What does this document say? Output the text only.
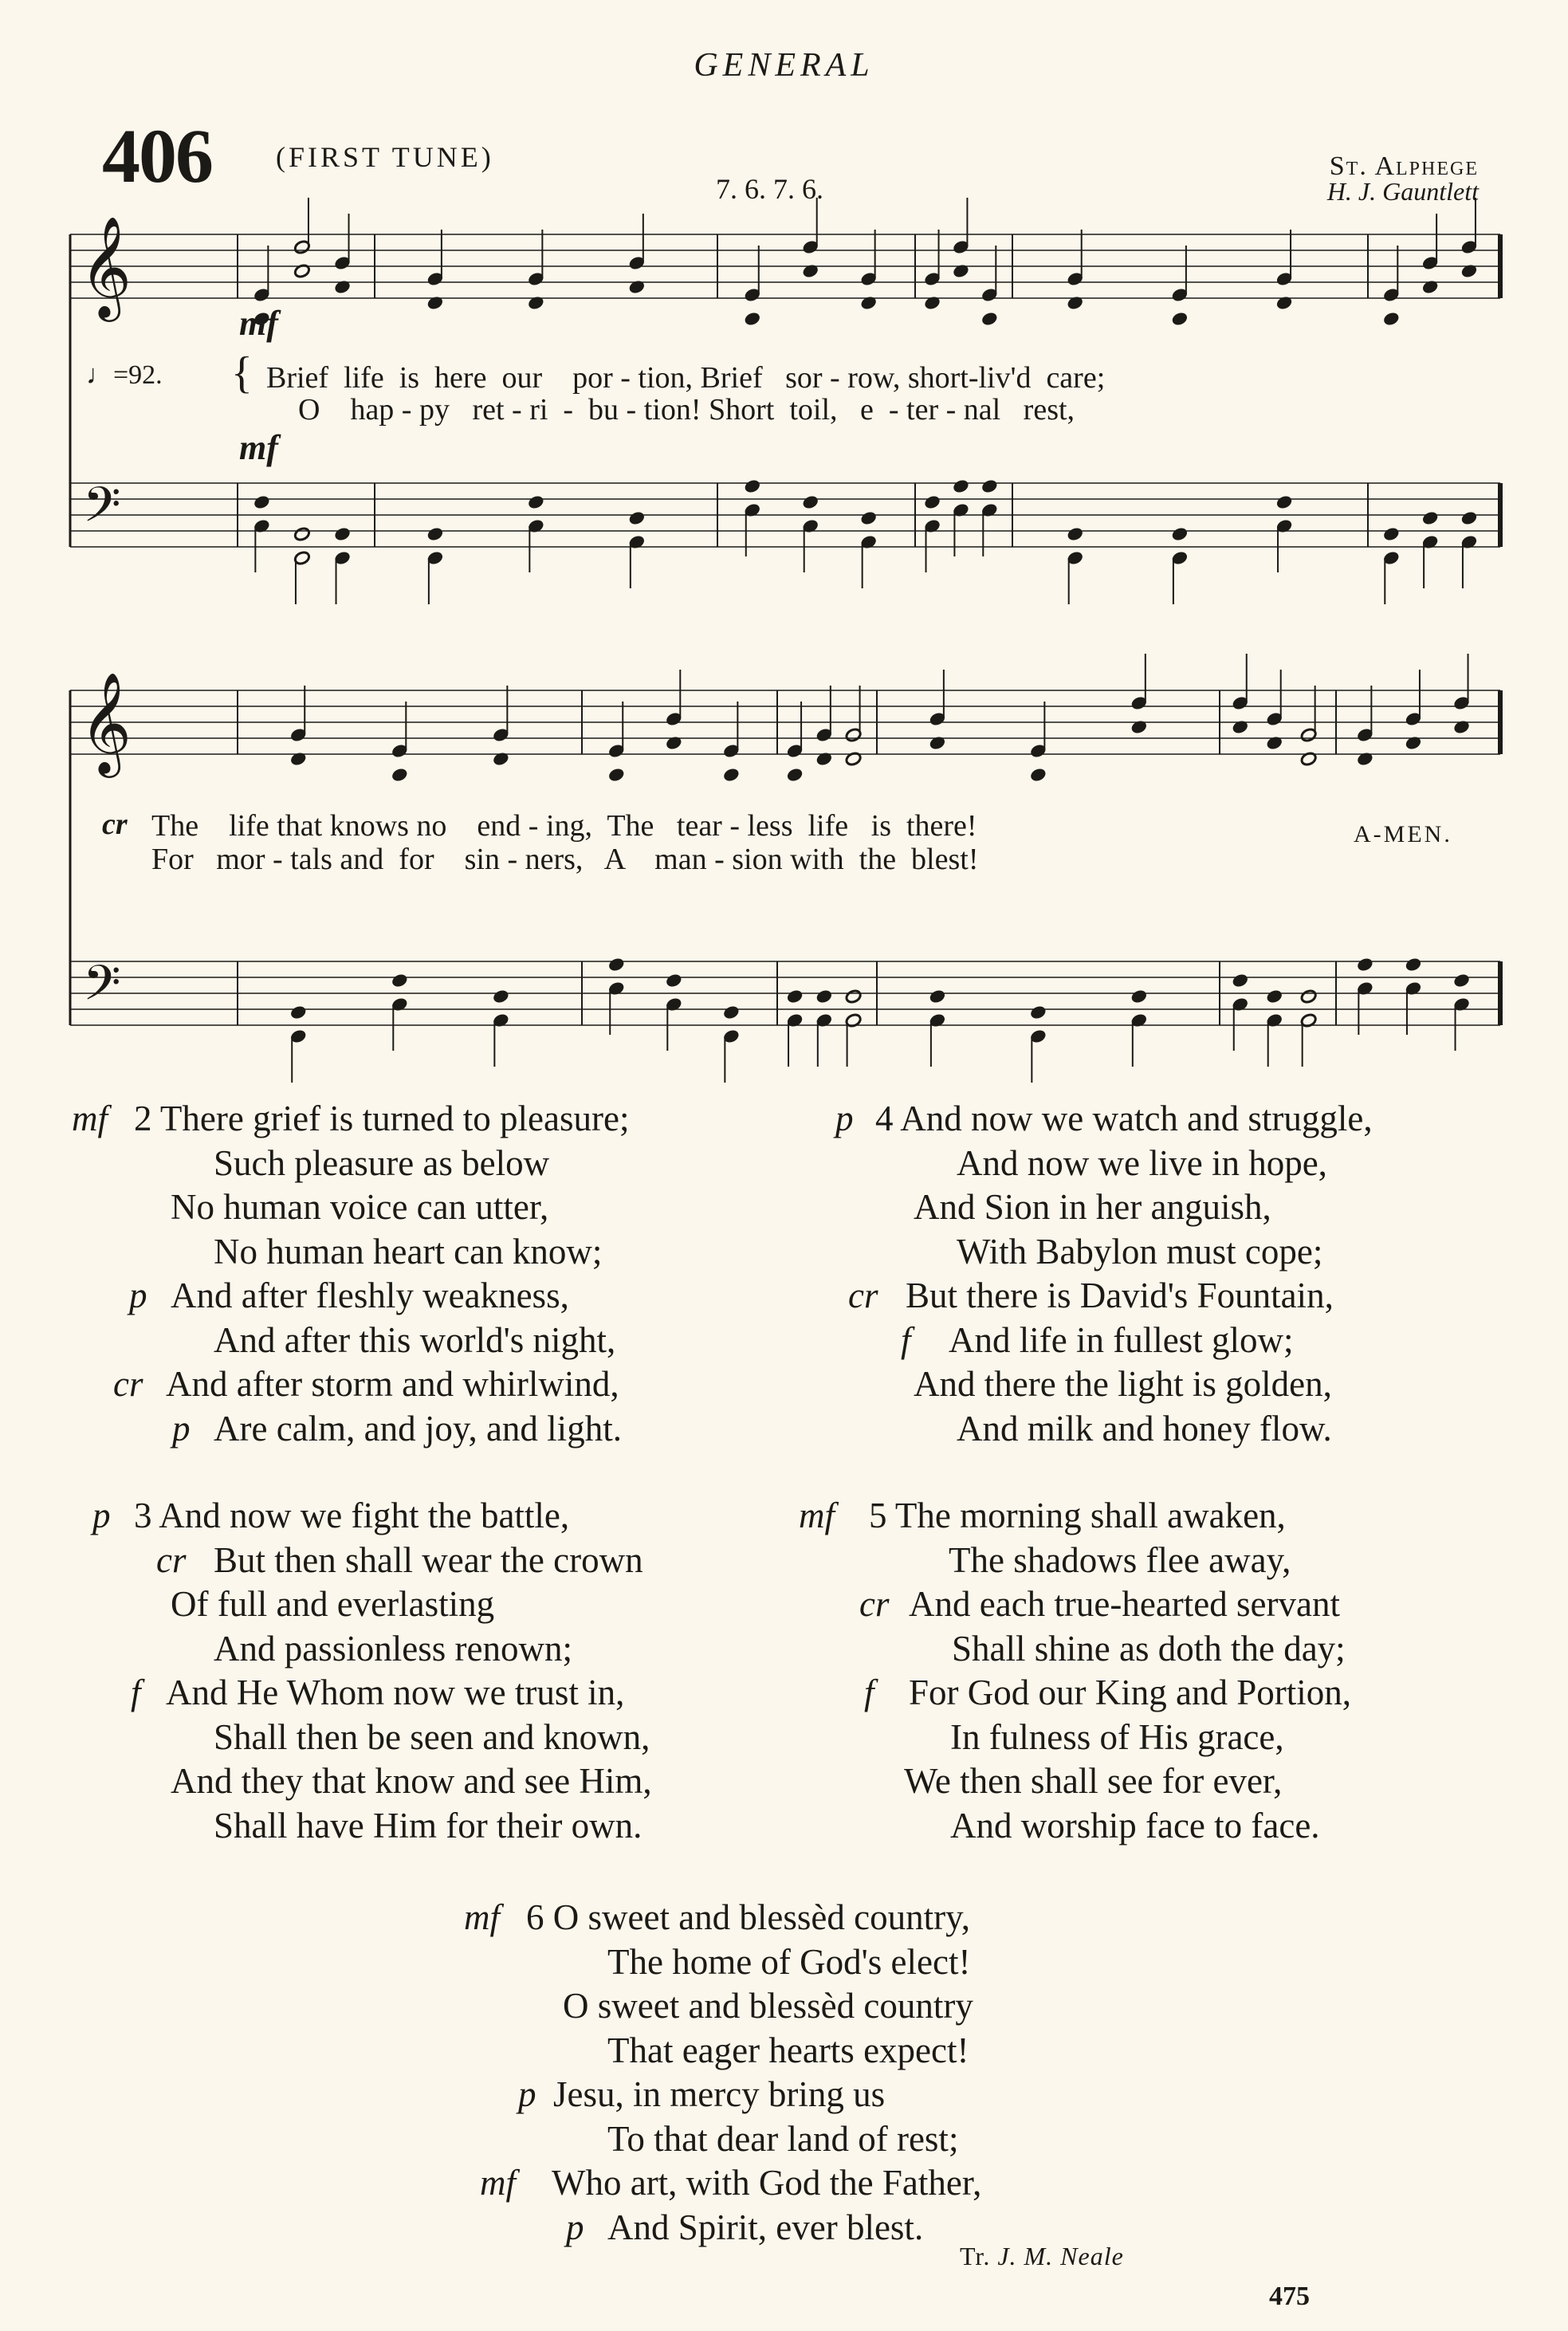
GENERAL
406 (FIRST TUNE)
7. 6. 7. 6.
St. Alphege
H. J. Gauntlett
𝄞
𝄢
𝄞
𝄢
♩=92.
mf
mf
cr
{ Brief  life  is  here  our    por - tion, Brief   sor - row, short-liv'd  care;
O    hap - py   ret - ri  -  bu - tion! Short  toil,   e  - ter - nal   rest,
The    life that knows no    end - ing,  The   tear - less  life   is  there!
For   mor - tals and  for    sin - ners,   A    man - sion with  the  blest!
A-MEN.
mf 2 There grief is turned to pleasure;
Such pleasure as below
No human voice can utter,
No human heart can know;
p And after fleshly weakness,
And after this world's night,
cr And after storm and whirlwind,
p Are calm, and joy, and light.
p 3 And now we fight the battle,
cr But then shall wear the crown
Of full and everlasting
And passionless renown;
f And He Whom now we trust in,
Shall then be seen and known,
And they that know and see Him,
Shall have Him for their own.
p 4 And now we watch and struggle,
And now we live in hope,
And Sion in her anguish,
With Babylon must cope;
cr But there is David's Fountain,
f And life in fullest glow;
And there the light is golden,
And milk and honey flow.
mf 5 The morning shall awaken,
The shadows flee away,
cr And each true-hearted servant
Shall shine as doth the day;
f For God our King and Portion,
In fulness of His grace,
We then shall see for ever,
And worship face to face.
mf 6 O sweet and blessèd country,
The home of God's elect!
O sweet and blessèd country
That eager hearts expect!
p Jesu, in mercy bring us
To that dear land of rest;
mf Who art, with God the Father,
p And Spirit, ever blest.
Tr. J. M. Neale
475
